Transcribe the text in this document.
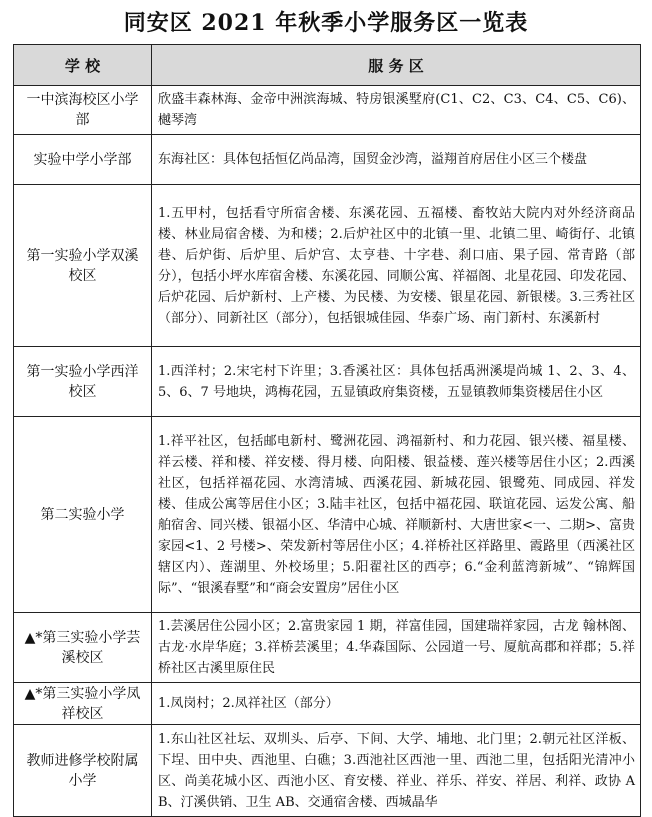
同安区 2021 年秋季小学服务区一览表
学 校	服 务 区
一中滨海校区小学部	欣盛丰森林海、金帝中洲滨海城、特房银溪墅府(C1、C2、C3、C4、C5、C6)、樾琴湾
实验中学小学部	东海社区：具体包括恒亿尚品湾，国贸金沙湾，溢翔首府居住小区三个楼盘
第一实验小学双溪校区	1.五甲村，包括看守所宿舍楼、东溪花园、五福楼、畜牧站大院内对外经济商品楼、林业局宿舍楼、为和楼；2.后炉社区中的北镇一里、北镇二里、崎街仔、北镇巷、后炉街、后炉里、后炉宫、太亨巷、十字巷、刹口庙、果子园、常青路（部分），包括小坪水库宿舍楼、东溪花园、同顺公寓、祥福阁、北星花园、印发花园、后炉花园、后炉新村、上产楼、为民楼、为安楼、银星花园、新银楼。3.三秀社区（部分）、同新社区（部分），包括银城佳园、华泰广场、南门新村、东溪新村
第一实验小学西洋校区	1.西洋村；2.宋宅村下许里；3.香溪社区：具体包括禹洲溪堤尚城 1、2、3、4、5、6、7 号地块，鸿梅花园，五显镇政府集资楼，五显镇教师集资楼居住小区
第二实验小学	1.祥平社区，包括邮电新村、鹭洲花园、鸿福新村、和力花园、银兴楼、福星楼、祥云楼、祥和楼、祥安楼、得月楼、向阳楼、银益楼、莲兴楼等居住小区；2.西溪社区，包括祥福花园、水湾清城、西溪花园、新城花园、银鹭苑、同成园、祥发楼、佳成公寓等居住小区；3.陆丰社区，包括中福花园、联谊花园、运发公寓、船舶宿舍、同兴楼、银福小区、华清中心城、祥顺新村、大唐世家<一、二期>、富贵家园<1、2 号楼>、荣发新村等居住小区；4.祥桥社区祥路里、霞路里（西溪社区辖区内）、莲湖里、外校场里；5.阳翟社区的西亭；6.“金利蓝湾新城”、“锦辉国际”、“银溪春墅”和“商会安置房”居住小区
▲*第三实验小学芸溪校区	1.芸溪居住公园小区；2.富贵家园 1 期，祥富佳园，国建瑞祥家园，古龙 翰林阁、古龙·水岸华庭；3.祥桥芸溪里；4.华森国际、公园道一号、厦航高郡和祥郡；5.祥桥社区古溪里原住民
▲*第三实验小学凤祥校区	1.凤岗村；2.凤祥社区（部分）
教师进修学校附属小学	1.东山社区社坛、双圳头、后亭、下间、大学、埔地、北门里；2.朝元社区洋板、下埕、田中央、西池里、白礁；3.西池社区西池一里、西池二里，包括阳光清冲小区、尚美花城小区、西池小区、育安楼、祥业、祥乐、祥安、祥居、利祥、政协 AB、汀溪供销、卫生 AB、交通宿舍楼、西城晶华
